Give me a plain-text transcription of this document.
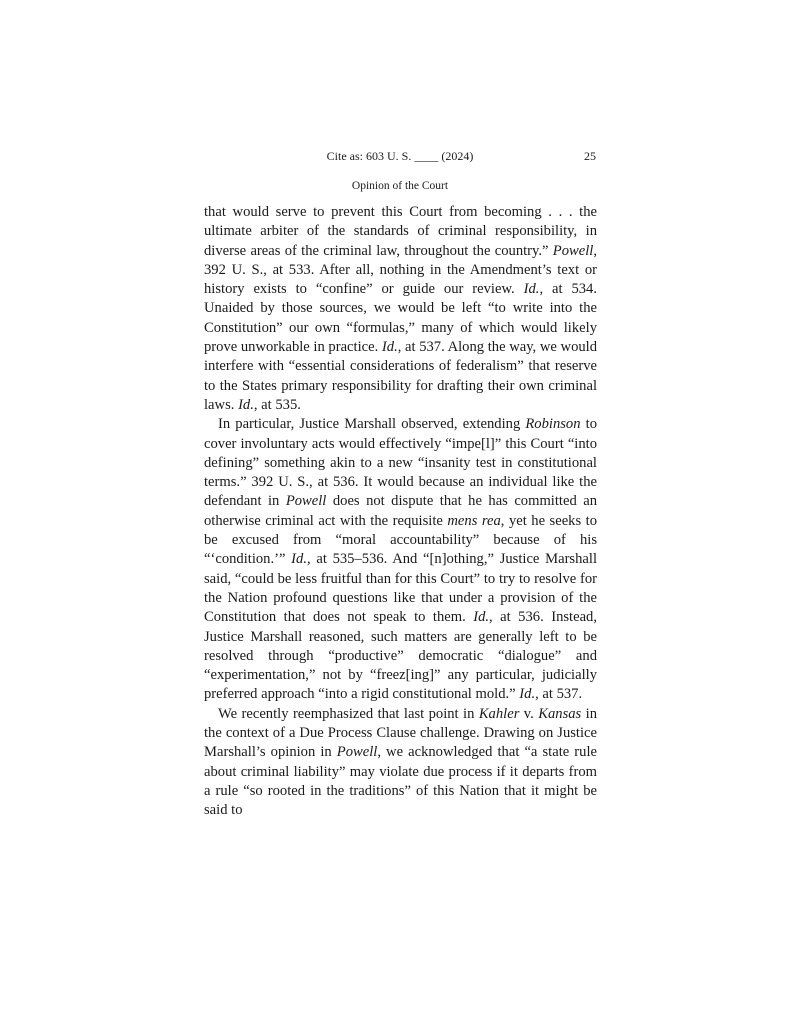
Cite as: 603 U. S. ____ (2024)	25
Opinion of the Court

that would serve to prevent this Court from becoming . . . the ultimate arbiter of the standards of criminal responsibility, in diverse areas of the criminal law, throughout the country.” Powell, 392 U. S., at 533. After all, nothing in the Amendment’s text or history exists to “confine” or guide our review. Id., at 534. Unaided by those sources, we would be left “to write into the Constitution” our own “formulas,” many of which would likely prove unworkable in practice. Id., at 537. Along the way, we would interfere with “essential considerations of federalism” that reserve to the States primary responsibility for drafting their own criminal laws. Id., at 535.

In particular, Justice Marshall observed, extending Robinson to cover involuntary acts would effectively “impe[l]” this Court “into defining” something akin to a new “insanity test in constitutional terms.” 392 U. S., at 536. It would because an individual like the defendant in Powell does not dispute that he has committed an otherwise criminal act with the requisite mens rea, yet he seeks to be excused from “moral accountability” because of his “‘condition.’” Id., at 535–536. And “[n]othing,” Justice Marshall said, “could be less fruitful than for this Court” to try to resolve for the Nation profound questions like that under a provision of the Constitution that does not speak to them. Id., at 536. Instead, Justice Marshall reasoned, such matters are generally left to be resolved through “productive” democratic “dialogue” and “experimentation,” not by “freez[ing]” any particular, judicially preferred approach “into a rigid constitutional mold.” Id., at 537.

We recently reemphasized that last point in Kahler v. Kansas in the context of a Due Process Clause challenge. Drawing on Justice Marshall’s opinion in Powell, we acknowledged that “a state rule about criminal liability” may violate due process if it departs from a rule “so rooted in the traditions” of this Nation that it might be said to
